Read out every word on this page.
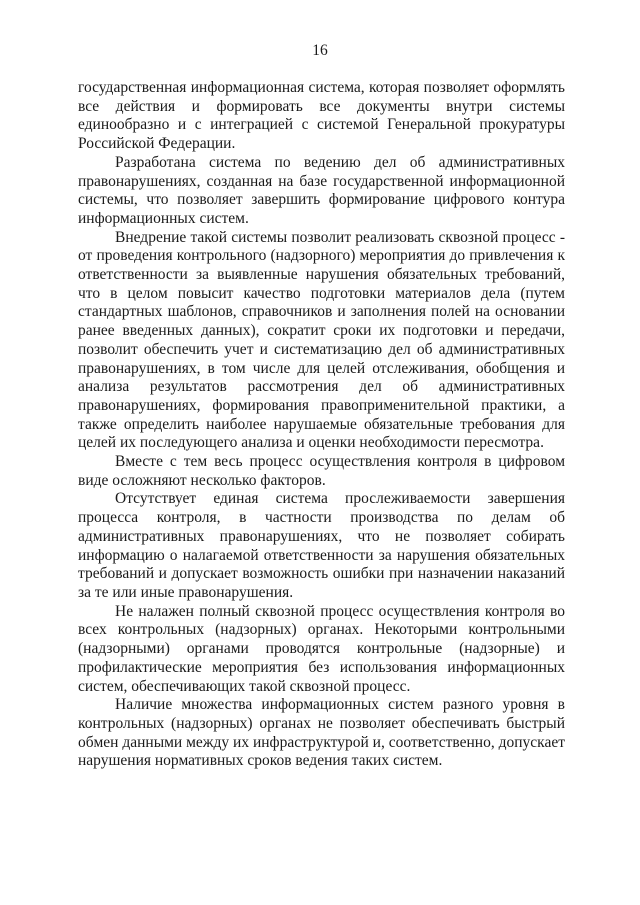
16

государственная информационная система, которая позволяет оформлять все действия и формировать все документы внутри системы единообразно и с интеграцией с системой Генеральной прокуратуры Российской Федерации.

Разработана система по ведению дел об административных правонарушениях, созданная на базе государственной информационной системы, что позволяет завершить формирование цифрового контура информационных систем.

Внедрение такой системы позволит реализовать сквозной процесс - от проведения контрольного (надзорного) мероприятия до привлечения к ответственности за выявленные нарушения обязательных требований, что в целом повысит качество подготовки материалов дела (путем стандартных шаблонов, справочников и заполнения полей на основании ранее введенных данных), сократит сроки их подготовки и передачи, позволит обеспечить учет и систематизацию дел об административных правонарушениях, в том числе для целей отслеживания, обобщения и анализа результатов рассмотрения дел об административных правонарушениях, формирования правоприменительной практики, а также определить наиболее нарушаемые обязательные требования для целей их последующего анализа и оценки необходимости пересмотра.

Вместе с тем весь процесс осуществления контроля в цифровом виде осложняют несколько факторов.

Отсутствует единая система прослеживаемости завершения процесса контроля, в частности производства по делам об административных правонарушениях, что не позволяет собирать информацию о налагаемой ответственности за нарушения обязательных требований и допускает возможность ошибки при назначении наказаний за те или иные правонарушения.

Не налажен полный сквозной процесс осуществления контроля во всех контрольных (надзорных) органах. Некоторыми контрольными (надзорными) органами проводятся контрольные (надзорные) и профилактические мероприятия без использования информационных систем, обеспечивающих такой сквозной процесс.

Наличие множества информационных систем разного уровня в контрольных (надзорных) органах не позволяет обеспечивать быстрый обмен данными между их инфраструктурой и, соответственно, допускает нарушения нормативных сроков ведения таких систем.
